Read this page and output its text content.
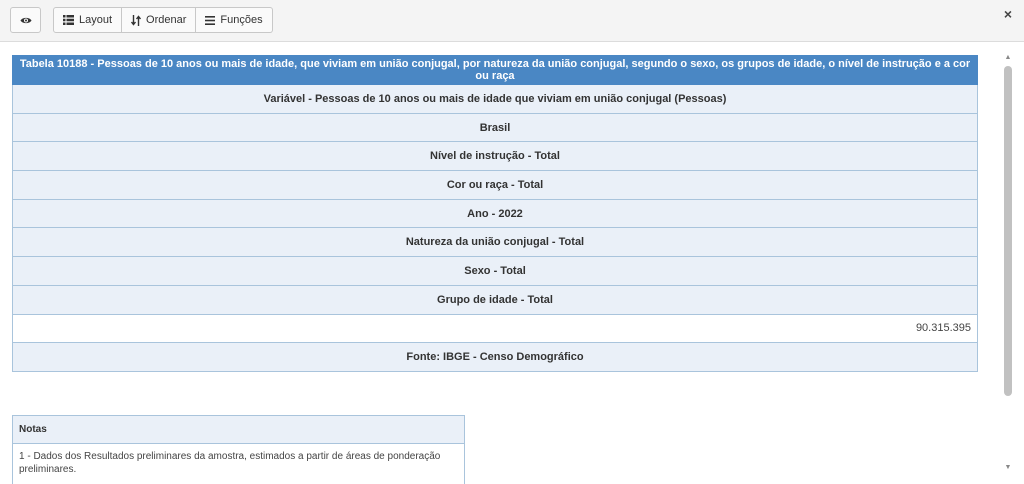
Layout	Ordenar	Funções	×
Tabela 10188 - Pessoas de 10 anos ou mais de idade, que viviam em união conjugal, por natureza da união conjugal, segundo o sexo, os grupos de idade, o nível de instrução e a cor ou raça
Variável - Pessoas de 10 anos ou mais de idade que viviam em união conjugal (Pessoas)
Brasil
Nível de instrução - Total
Cor ou raça - Total
Ano - 2022
Natureza da união conjugal - Total
Sexo - Total
Grupo de idade - Total
90.315.395
Fonte: IBGE - Censo Demográfico
Notas
1 - Dados dos Resultados preliminares da amostra, estimados a partir de áreas de ponderação preliminares.
▲
▼
